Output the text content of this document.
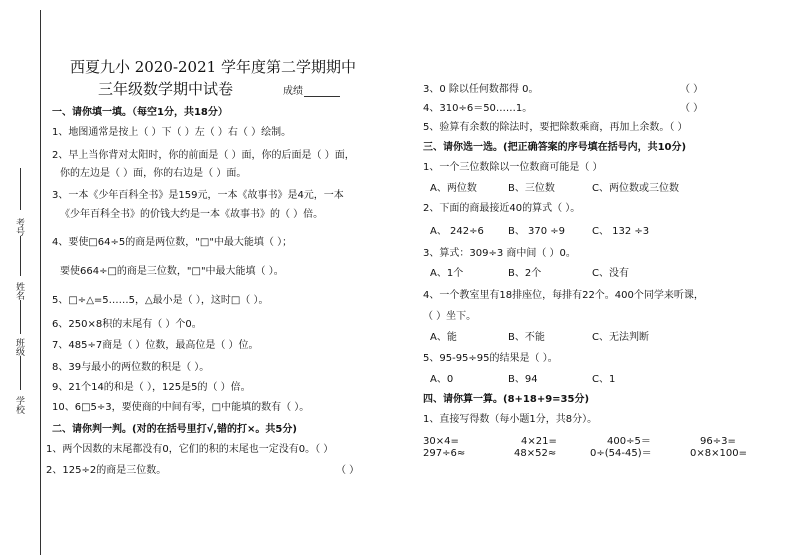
考号
姓名
班级
学校
西夏九小 2020-2021 学年度第二学期期中
三年级数学期中试卷	成绩
一、请你填一填。（每空1分，共18分）
1、地图通常是按上（ ）下（ ）左（ ）右（ ）绘制。
2、早上当你背对太阳时，你的前面是（ ）面，你的后面是（ ）面，
你的左边是（ ）面，你的右边是（ ）面。
3、一本《少年百科全书》是159元，一本《故事书》是4元，一本
《少年百科全书》的价钱大约是一本《故事书》的（ ）倍。
4、要使□64÷5的商是两位数，"□"中最大能填（ ）；
要使664÷□的商是三位数，"□"中最大能填（ ）。
5、□÷△=5……5，△最小是（ ），这时□（ ）。
6、250×8积的末尾有（ ）个0。
7、485÷7商是（ ）位数，最高位是（ ）位。
8、39与最小的两位数的积是（ ）。
9、21个14的和是（ ），125是5的（ ）倍。
10、6□5÷3，要使商的中间有零，□中能填的数有（ ）。
二、请你判一判。(对的在括号里打√,错的打×。共5分)
1、两个因数的末尾都没有0，它们的积的末尾也一定没有0。（ ）
2、125÷2的商是三位数。	（ ）
3、0 除以任何数都得 0。	（ ）
4、310÷6＝50……1。	（ ）
5、验算有余数的除法时，要把除数乘商，再加上余数。（ ）
三、请你选一选。(把正确答案的序号填在括号内，共10分)
1、一个三位数除以一位数商可能是（ ）
A、两位数	B、三位数	C、两位数或三位数
2、下面的商最接近40的算式（ ）。
A、 242÷6 B、 370 ÷9	C、 132 ÷3
3、算式：309÷3 商中间（ ）0。
A、1个	B、2个	C、没有
4、一个教室里有18排座位，每排有22个。400个同学来听课，
（ ）坐下。
A、能	B、不能	C、无法判断
5、95-95÷95的结果是（ ）。
A、0	B、94	C、1
四、请你算一算。(8+18+9=35分)
1、直接写得数（每小题1分，共8分）。
30×4=	4×21=	400÷5＝	96÷3=
297÷6≈	48×52≈	0÷(54-45)＝	0×8×100=
